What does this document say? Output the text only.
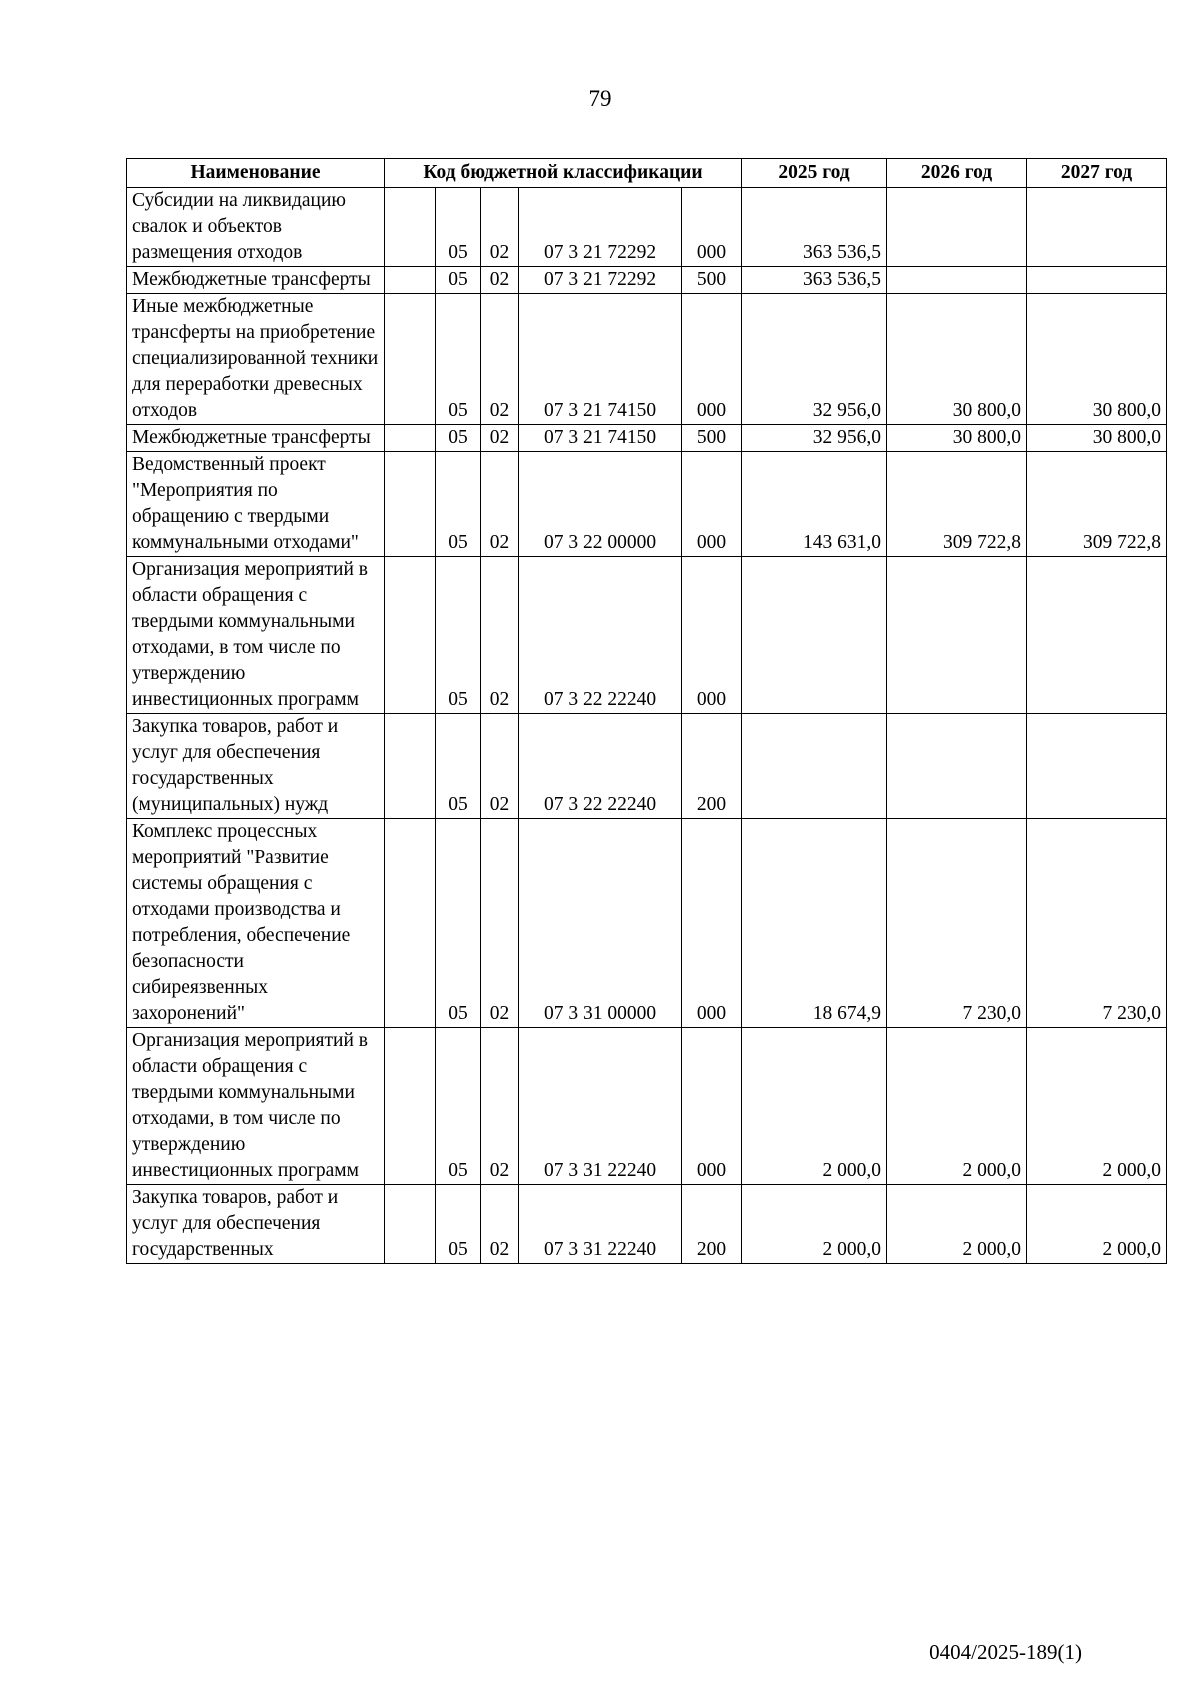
79
Наименование	Код бюджетной классификации					2025 год	2026 год	2027 год
Субсидии на ликвидацию свалок и объектов размещения отходов		05	02	07 3 21 72292	000	363 536,5		
Межбюджетные трансферты		05	02	07 3 21 72292	500	363 536,5		
Иные межбюджетные трансферты на приобретение специализированной техники для переработки древесных отходов		05	02	07 3 21 74150	000	32 956,0	30 800,0	30 800,0
Межбюджетные трансферты		05	02	07 3 21 74150	500	32 956,0	30 800,0	30 800,0
Ведомственный проект "Мероприятия по обращению с твердыми коммунальными отходами"		05	02	07 3 22 00000	000	143 631,0	309 722,8	309 722,8
Организация мероприятий в области обращения с твердыми коммунальными отходами, в том числе по утверждению инвестиционных программ		05	02	07 3 22 22240	000			
Закупка товаров, работ и услуг для обеспечения государственных (муниципальных) нужд		05	02	07 3 22 22240	200			
Комплекс процессных мероприятий "Развитие системы обращения с отходами производства и потребления, обеспечение безопасности сибиреязвенных захоронений"		05	02	07 3 31 00000	000	18 674,9	7 230,0	7 230,0
Организация мероприятий в области обращения с твердыми коммунальными отходами, в том числе по утверждению инвестиционных программ		05	02	07 3 31 22240	000	2 000,0	2 000,0	2 000,0
Закупка товаров, работ и услуг для обеспечения государственных		05	02	07 3 31 22240	200	2 000,0	2 000,0	2 000,0
0404/2025-189(1)
